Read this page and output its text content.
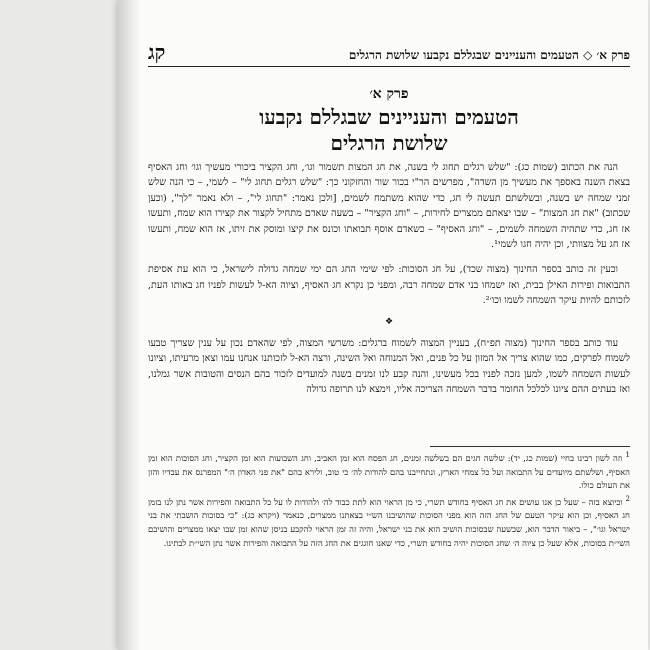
פרק א׳ ◇ הטעמים והעניינים שבגללם נקבעו שלושת הרגלים
קג
פרק א׳
הטעמים והעניינים שבגללם נקבעו
שלושת הרגלים

הנה את הכתוב (שמות כג): "שלש רגלים תחוג לי בשנה, את חג המצות תשמור וגו׳, וחג הקציר ביכורי מעשיך וגו׳ וחג האסיף בצאת השנה באספך את מעשיך מן השדה", מפרשים הר"י בכור שור והחזקוני כך: "שלש רגלים תחוג לי" – לשמי, – כי הנה שלש זמני שמחה יש בשנה, ובשלשתם תעשה לי חג, כדי שהוא משתמח לשמים, [ולכן נאמר: "תחוג לי", – ולא נאמר "לך", (וכען שכתוב) "את חג המצות" – שבו יצאתם ממצרים לחירות, – "וחג הקציר" – בשעה שאדם מתחיל לקצור את קצירו הוא שמח, ותעשו אז חג, כדי שתהיה השמחה לשמים, – "וחג האסיף" – כשאדם אוסף תבואתו וכונס את קיצו ומוסק את זיתו, אז הוא שמח, ותעשו אז חג על מצוותי, וכן יהיה חגו לשמי¹.

וכעין זה כותב בספר החינוך (מצוה שכד), על חג הסוכות: לפי שימי החג הם ימי שמחה גדולה לישראל, כי הוא עת אסיפת התבואות ופירות האילן בבית, ואז ישמחו בני אדם שמחה רבה, ומפני כן נקרא חג האסיף, וציוה הא-ל לעשות לפניו חג באותו העת, לזכותם להיות עיקר השמחה לשמו וכו׳².

❖

עוד כותב בספר החינוך (מצוה תפ״ח), בעניין המצוה לשמוח ברגלים: משרשי המצוה, לפי שהאדם נכון על ענין שצריך טבעו לשמוח לפרקים, כמו שהוא צריך אל המזון על כל פנים, ואל המנוחה ואל השינה, ורצה הא-ל לזכותנו אנחנו עמו וצאן מרעיתו, וציונו לעשות השמחה לשמו, למען נזכה לפניו בכל מעשינו, והנה קבע לנו זמנים בשנה למועדים לזכור בהם הנסים והטובות אשר גמלנו, ואז בעתים ההם ציונו לכלכל החומר בדבר השמחה הצריכה אליו, וימצא לנו תרופה גדולה

$^1$ וזה לשון רבינו בחיי (שמות כג, יד): שלשה חגים הם בשלשה זמנים, חג הפסח הוא זמן האביב, וחג השבועות הוא זמן הקציר, וחג הסוכות הוא זמן האסיף, ושלשתם מיועדים על התבואה ועל כל צמחי הארץ, ונתחייבנו בהם להודות לה׳ כי טוב, ולירא בהם "את פני האדון ה׳" המפרנס את עבדיו והזן את העולם כולו.

$^2$ וכיוצא בזה – שעל כן אנו עושים את חג האסיף בחודש תשרי, כי מן הראוי הוא לתת כבוד לה׳ ולהודות לו על כל התבואה והפירות אשר נתן לנו בזמן חג האסיף, וכן הוא עיקר הטעם של החג הזה הוא מפני הסוכות שהושיבנו הש״י בצאתנו ממצרים, כנאמר (ויקרא כג): "כי בסוכות הושבתי את בני ישראל וגו׳", – ביאור הדבר הוא, שבשעה שבסוכות הושיב הוא את בני ישראל, והיה זה זמן הראוי להקבע בניסן שהוא זמן שבו יצאו ממצרים והושיבם השי״ת בסוכות, אלא שעל כן ציוה ה׳ שחג הסוכות יהיה בחודש תשרי, כדי שאנו חוגגים את החג הזה על התבואה והפירות אשר נתן השי״ת לבתינו.
